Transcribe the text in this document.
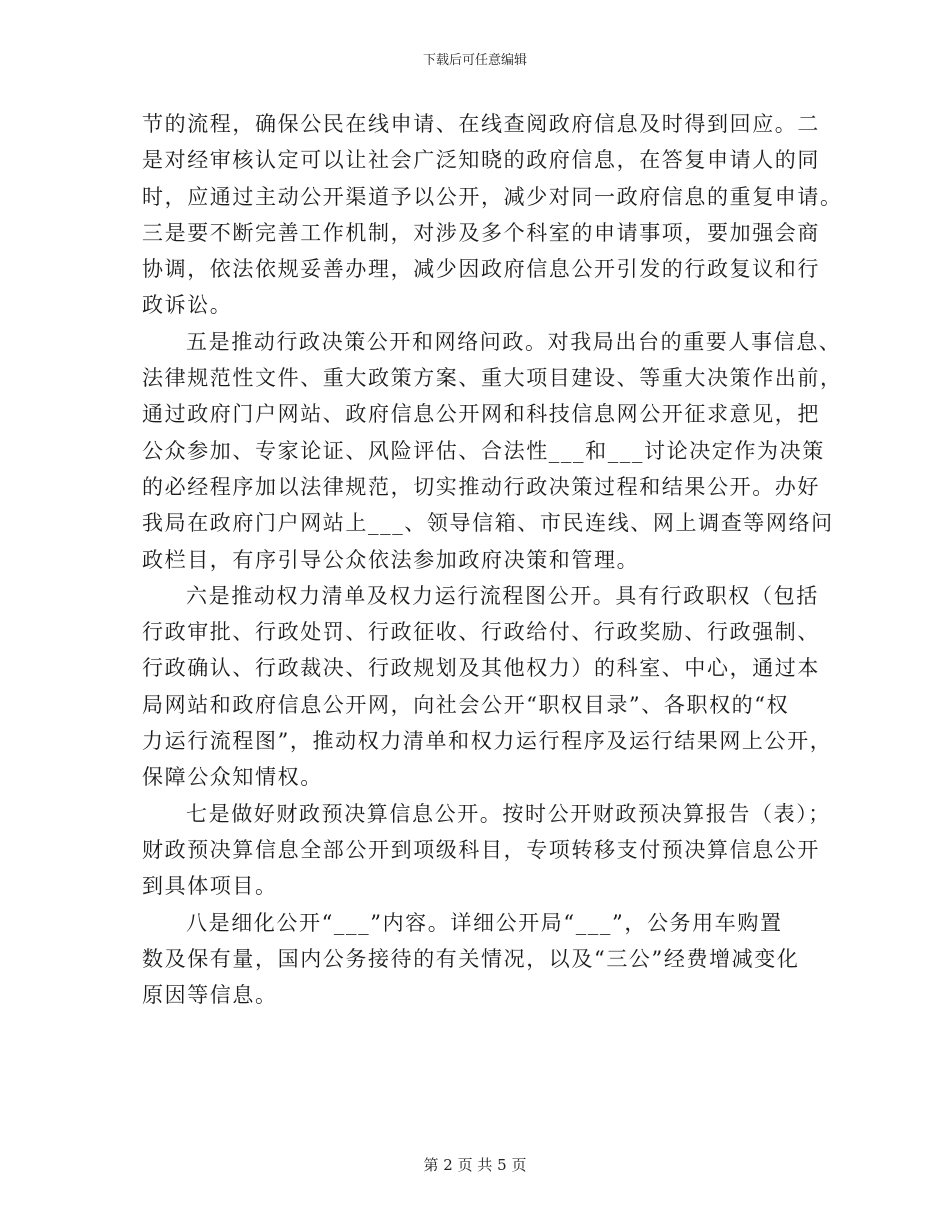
下载后可任意编辑

节的流程，确保公民在线申请、在线查阅政府信息及时得到回应。二
是对经审核认定可以让社会广泛知晓的政府信息，在答复申请人的同
时，应通过主动公开渠道予以公开，减少对同一政府信息的重复申请。
三是要不断完善工作机制，对涉及多个科室的申请事项，要加强会商
协调，依法依规妥善办理，减少因政府信息公开引发的行政复议和行
政诉讼。

五是推动行政决策公开和网络问政。对我局出台的重要人事信息、
法律规范性文件、重大政策方案、重大项目建设、等重大决策作出前，
通过政府门户网站、政府信息公开网和科技信息网公开征求意见，把
公众参加、专家论证、风险评估、合法性___和___讨论决定作为决策
的必经程序加以法律规范，切实推动行政决策过程和结果公开。办好
我局在政府门户网站上___、领导信箱、市民连线、网上调查等网络问
政栏目，有序引导公众依法参加政府决策和管理。

六是推动权力清单及权力运行流程图公开。具有行政职权（包括
行政审批、行政处罚、行政征收、行政给付、行政奖励、行政强制、
行政确认、行政裁决、行政规划及其他权力）的科室、中心，通过本
局网站和政府信息公开网，向社会公开“职权目录”、各职权的“权
力运行流程图”，推动权力清单和权力运行程序及运行结果网上公开，
保障公众知情权。

七是做好财政预决算信息公开。按时公开财政预决算报告（表）；
财政预决算信息全部公开到项级科目，专项转移支付预决算信息公开
到具体项目。

八是细化公开“___”内容。详细公开局“___”，公务用车购置
数及保有量，国内公务接待的有关情况，以及“三公”经费增减变化
原因等信息。

第 2 页 共 5 页
